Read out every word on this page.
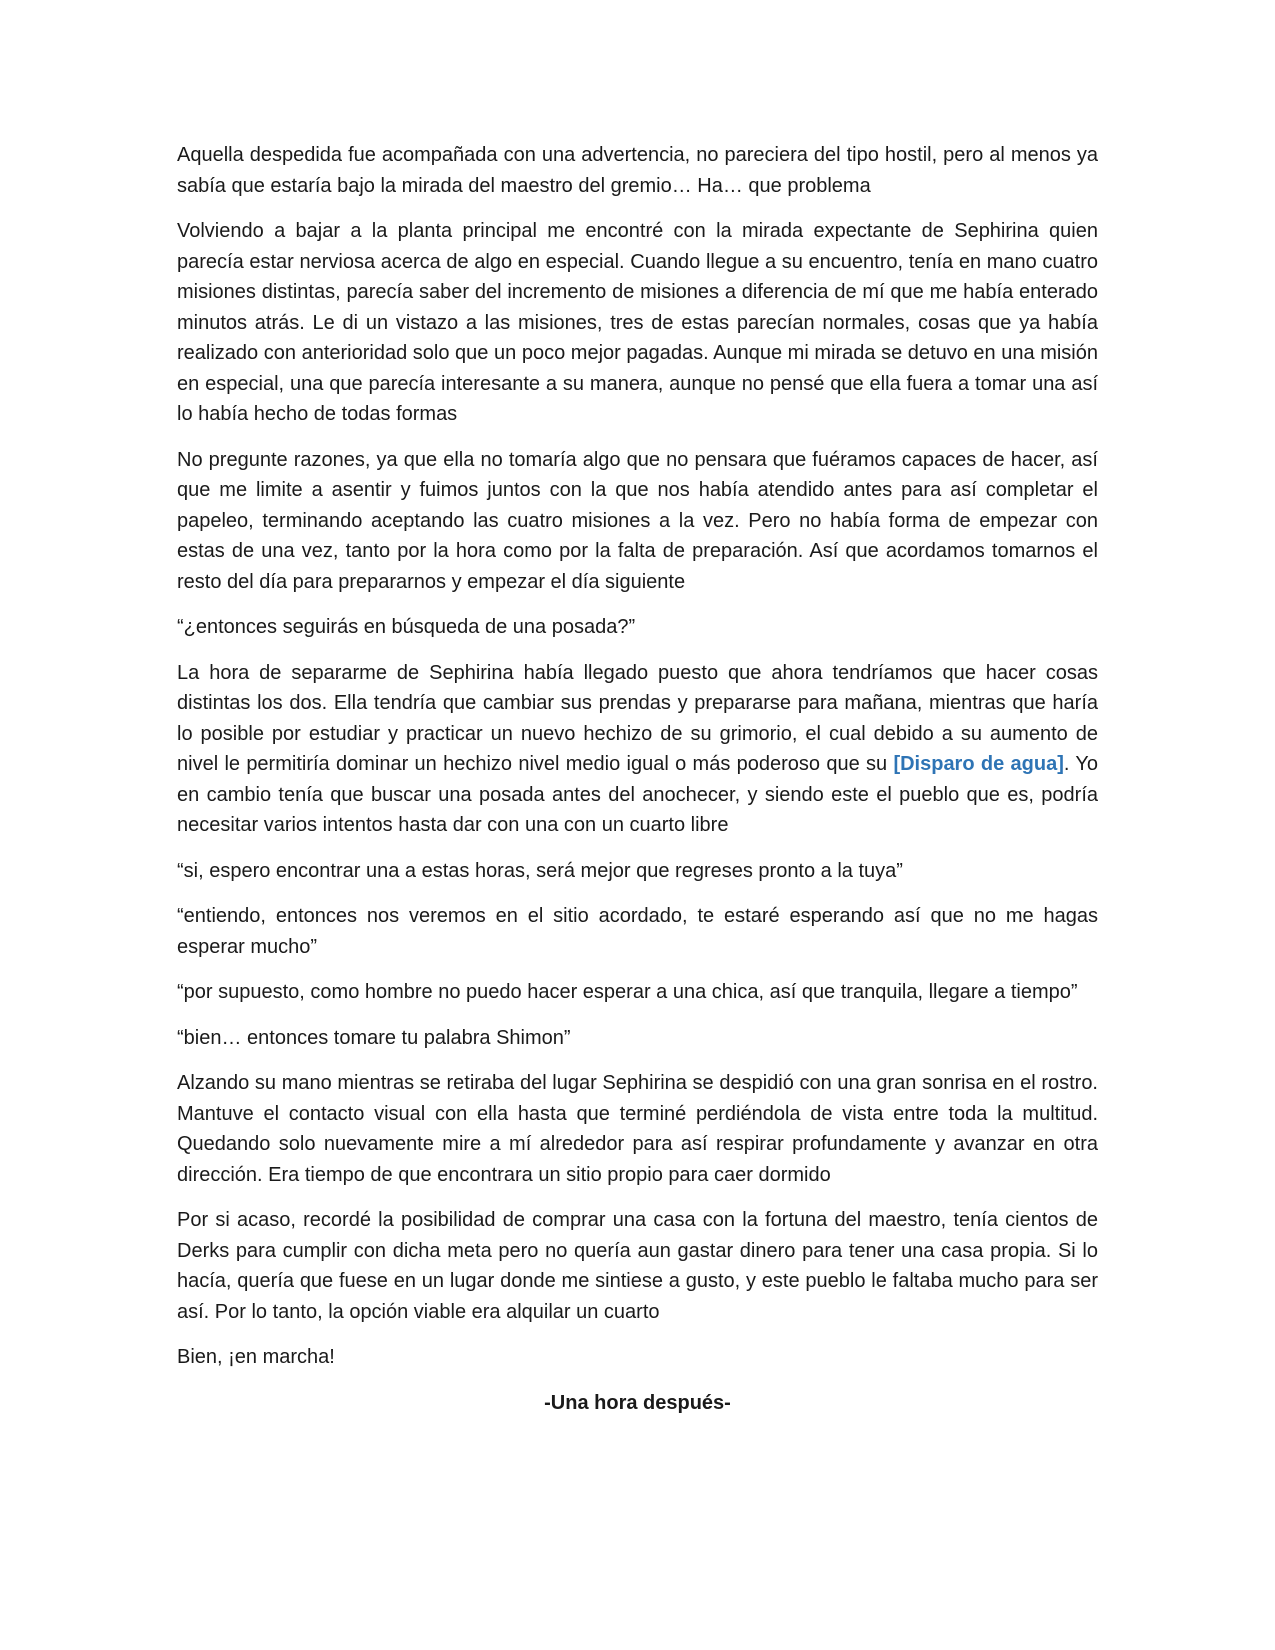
Aquella despedida fue acompañada con una advertencia, no pareciera del tipo hostil, pero al menos ya sabía que estaría bajo la mirada del maestro del gremio… Ha… que problema

Volviendo a bajar a la planta principal me encontré con la mirada expectante de Sephirina quien parecía estar nerviosa acerca de algo en especial. Cuando llegue a su encuentro, tenía en mano cuatro misiones distintas, parecía saber del incremento de misiones a diferencia de mí que me había enterado minutos atrás. Le di un vistazo a las misiones, tres de estas parecían normales, cosas que ya había realizado con anterioridad solo que un poco mejor pagadas. Aunque mi mirada se detuvo en una misión en especial, una que parecía interesante a su manera, aunque no pensé que ella fuera a tomar una así lo había hecho de todas formas

No pregunte razones, ya que ella no tomaría algo que no pensara que fuéramos capaces de hacer, así que me limite a asentir y fuimos juntos con la que nos había atendido antes para así completar el papeleo, terminando aceptando las cuatro misiones a la vez. Pero no había forma de empezar con estas de una vez, tanto por la hora como por la falta de preparación. Así que acordamos tomarnos el resto del día para prepararnos y empezar el día siguiente

“¿entonces seguirás en búsqueda de una posada?”

La hora de separarme de Sephirina había llegado puesto que ahora tendríamos que hacer cosas distintas los dos. Ella tendría que cambiar sus prendas y prepararse para mañana, mientras que haría lo posible por estudiar y practicar un nuevo hechizo de su grimorio, el cual debido a su aumento de nivel le permitiría dominar un hechizo nivel medio igual o más poderoso que su [Disparo de agua]. Yo en cambio tenía que buscar una posada antes del anochecer, y siendo este el pueblo que es, podría necesitar varios intentos hasta dar con una con un cuarto libre

“si, espero encontrar una a estas horas, será mejor que regreses pronto a la tuya”

“entiendo, entonces nos veremos en el sitio acordado, te estaré esperando así que no me hagas esperar mucho”

“por supuesto, como hombre no puedo hacer esperar a una chica, así que tranquila, llegare a tiempo”

“bien… entonces tomare tu palabra Shimon”

Alzando su mano mientras se retiraba del lugar Sephirina se despidió con una gran sonrisa en el rostro. Mantuve el contacto visual con ella hasta que terminé perdiéndola de vista entre toda la multitud. Quedando solo nuevamente mire a mí alrededor para así respirar profundamente y avanzar en otra dirección. Era tiempo de que encontrara un sitio propio para caer dormido

Por si acaso, recordé la posibilidad de comprar una casa con la fortuna del maestro, tenía cientos de Derks para cumplir con dicha meta pero no quería aun gastar dinero para tener una casa propia. Si lo hacía, quería que fuese en un lugar donde me sintiese a gusto, y este pueblo le faltaba mucho para ser así. Por lo tanto, la opción viable era alquilar un cuarto

Bien, ¡en marcha!

-Una hora después-
